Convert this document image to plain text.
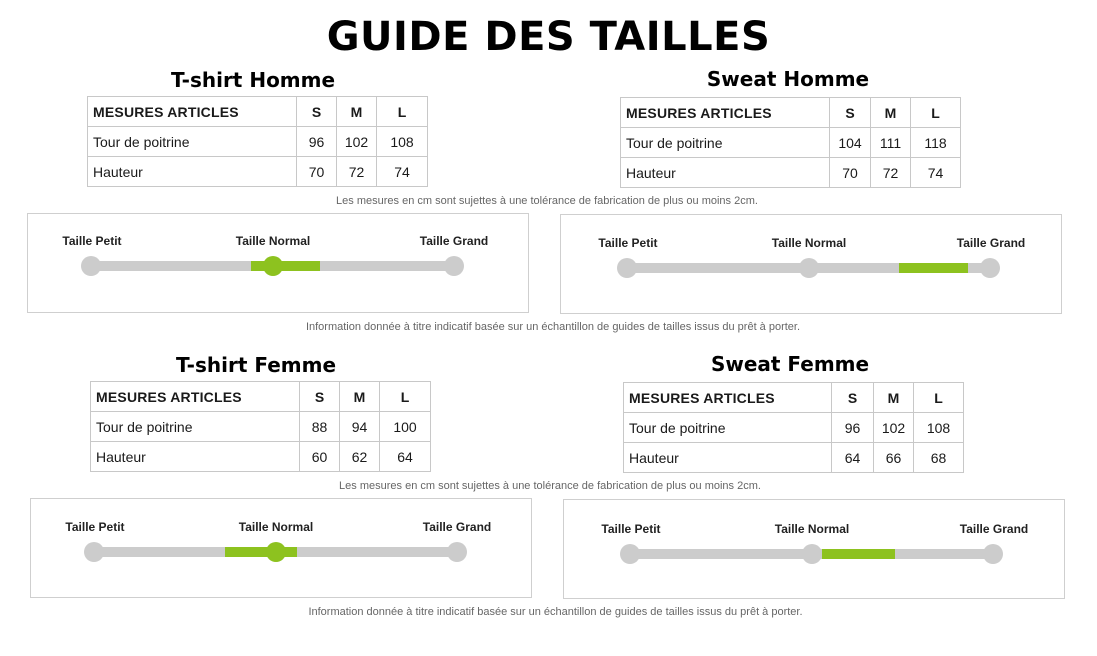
GUIDE DES TAILLES
T-shirt Homme
MESURES ARTICLES	S	M	L
Tour de poitrine	96	102	108
Hauteur	70	72	74
Sweat Homme
MESURES ARTICLES	S	M	L
Tour de poitrine	104	111	118
Hauteur	70	72	74
Les mesures en cm sont sujettes à une tolérance de fabrication de plus ou moins 2cm.
Taille Petit	Taille Normal	Taille Grand	Taille Petit	Taille Normal	Taille Grand
Information donnée à titre indicatif basée sur un échantillon de guides de tailles issus du prêt à porter.
T-shirt Femme
MESURES ARTICLES	S	M	L
Tour de poitrine	88	94	100
Hauteur	60	62	64
Sweat Femme
MESURES ARTICLES	S	M	L
Tour de poitrine	96	102	108
Hauteur	64	66	68
Les mesures en cm sont sujettes à une tolérance de fabrication de plus ou moins 2cm.
Taille Petit	Taille Normal	Taille Grand	Taille Petit	Taille Normal	Taille Grand
Information donnée à titre indicatif basée sur un échantillon de guides de tailles issus du prêt à porter.
